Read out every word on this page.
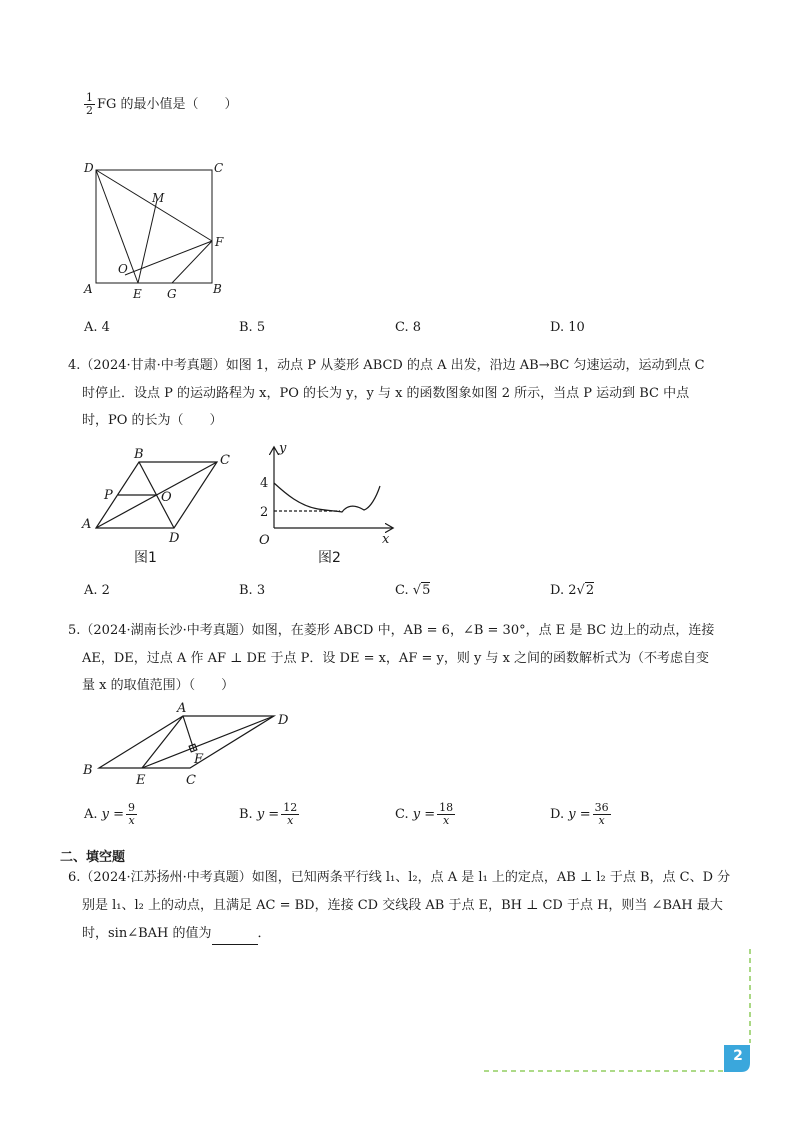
$\frac{1}{2}$ FG 的最小值是（　　）
D	C
M
F
O
A	E G	B
A. 4	B. 5	C. 8	D. 10
4.（2024·甘肃·中考真题）如图 1，动点 P 从菱形 ABCD 的点 A 出发，沿边 AB→BC 匀速运动，运动到点 C
时停止．设点 P 的运动路程为 x，PO 的长为 y，y 与 x 的函数图象如图 2 所示，当点 P 运动到 BC 中点
时，PO 的长为（　　）
B	C
P	O
A
D
图1
y
4
2
O	x
图2
A. 2	B. 3	C. √5	D. 2√2
5.（2024·湖南长沙·中考真题）如图，在菱形 ABCD 中，AB = 6，∠B = 30°，点 E 是 BC 边上的动点，连接
AE，DE，过点 A 作 AF ⊥ DE 于点 P．设 DE = x，AF = y，则 y 与 x 之间的函数解析式为（不考虑自变
量 x 的取值范围）（　　）
A
D
B
E
F
C
A. $y = \frac{9}{x}$	B. $y = \frac{12}{x}$	C. $y = \frac{18}{x}$	D. $y = \frac{36}{x}$
二、填空题
6.（2024·江苏扬州·中考真题）如图，已知两条平行线 l₁、l₂，点 A 是 l₁ 上的定点，AB ⊥ l₂ 于点 B，点 C、D 分
别是 l₁、l₂ 上的动点，且满足 AC = BD，连接 CD 交线段 AB 于点 E，BH ⊥ CD 于点 H，则当 ∠BAH 最大
时，sin∠BAH 的值为	．
2
